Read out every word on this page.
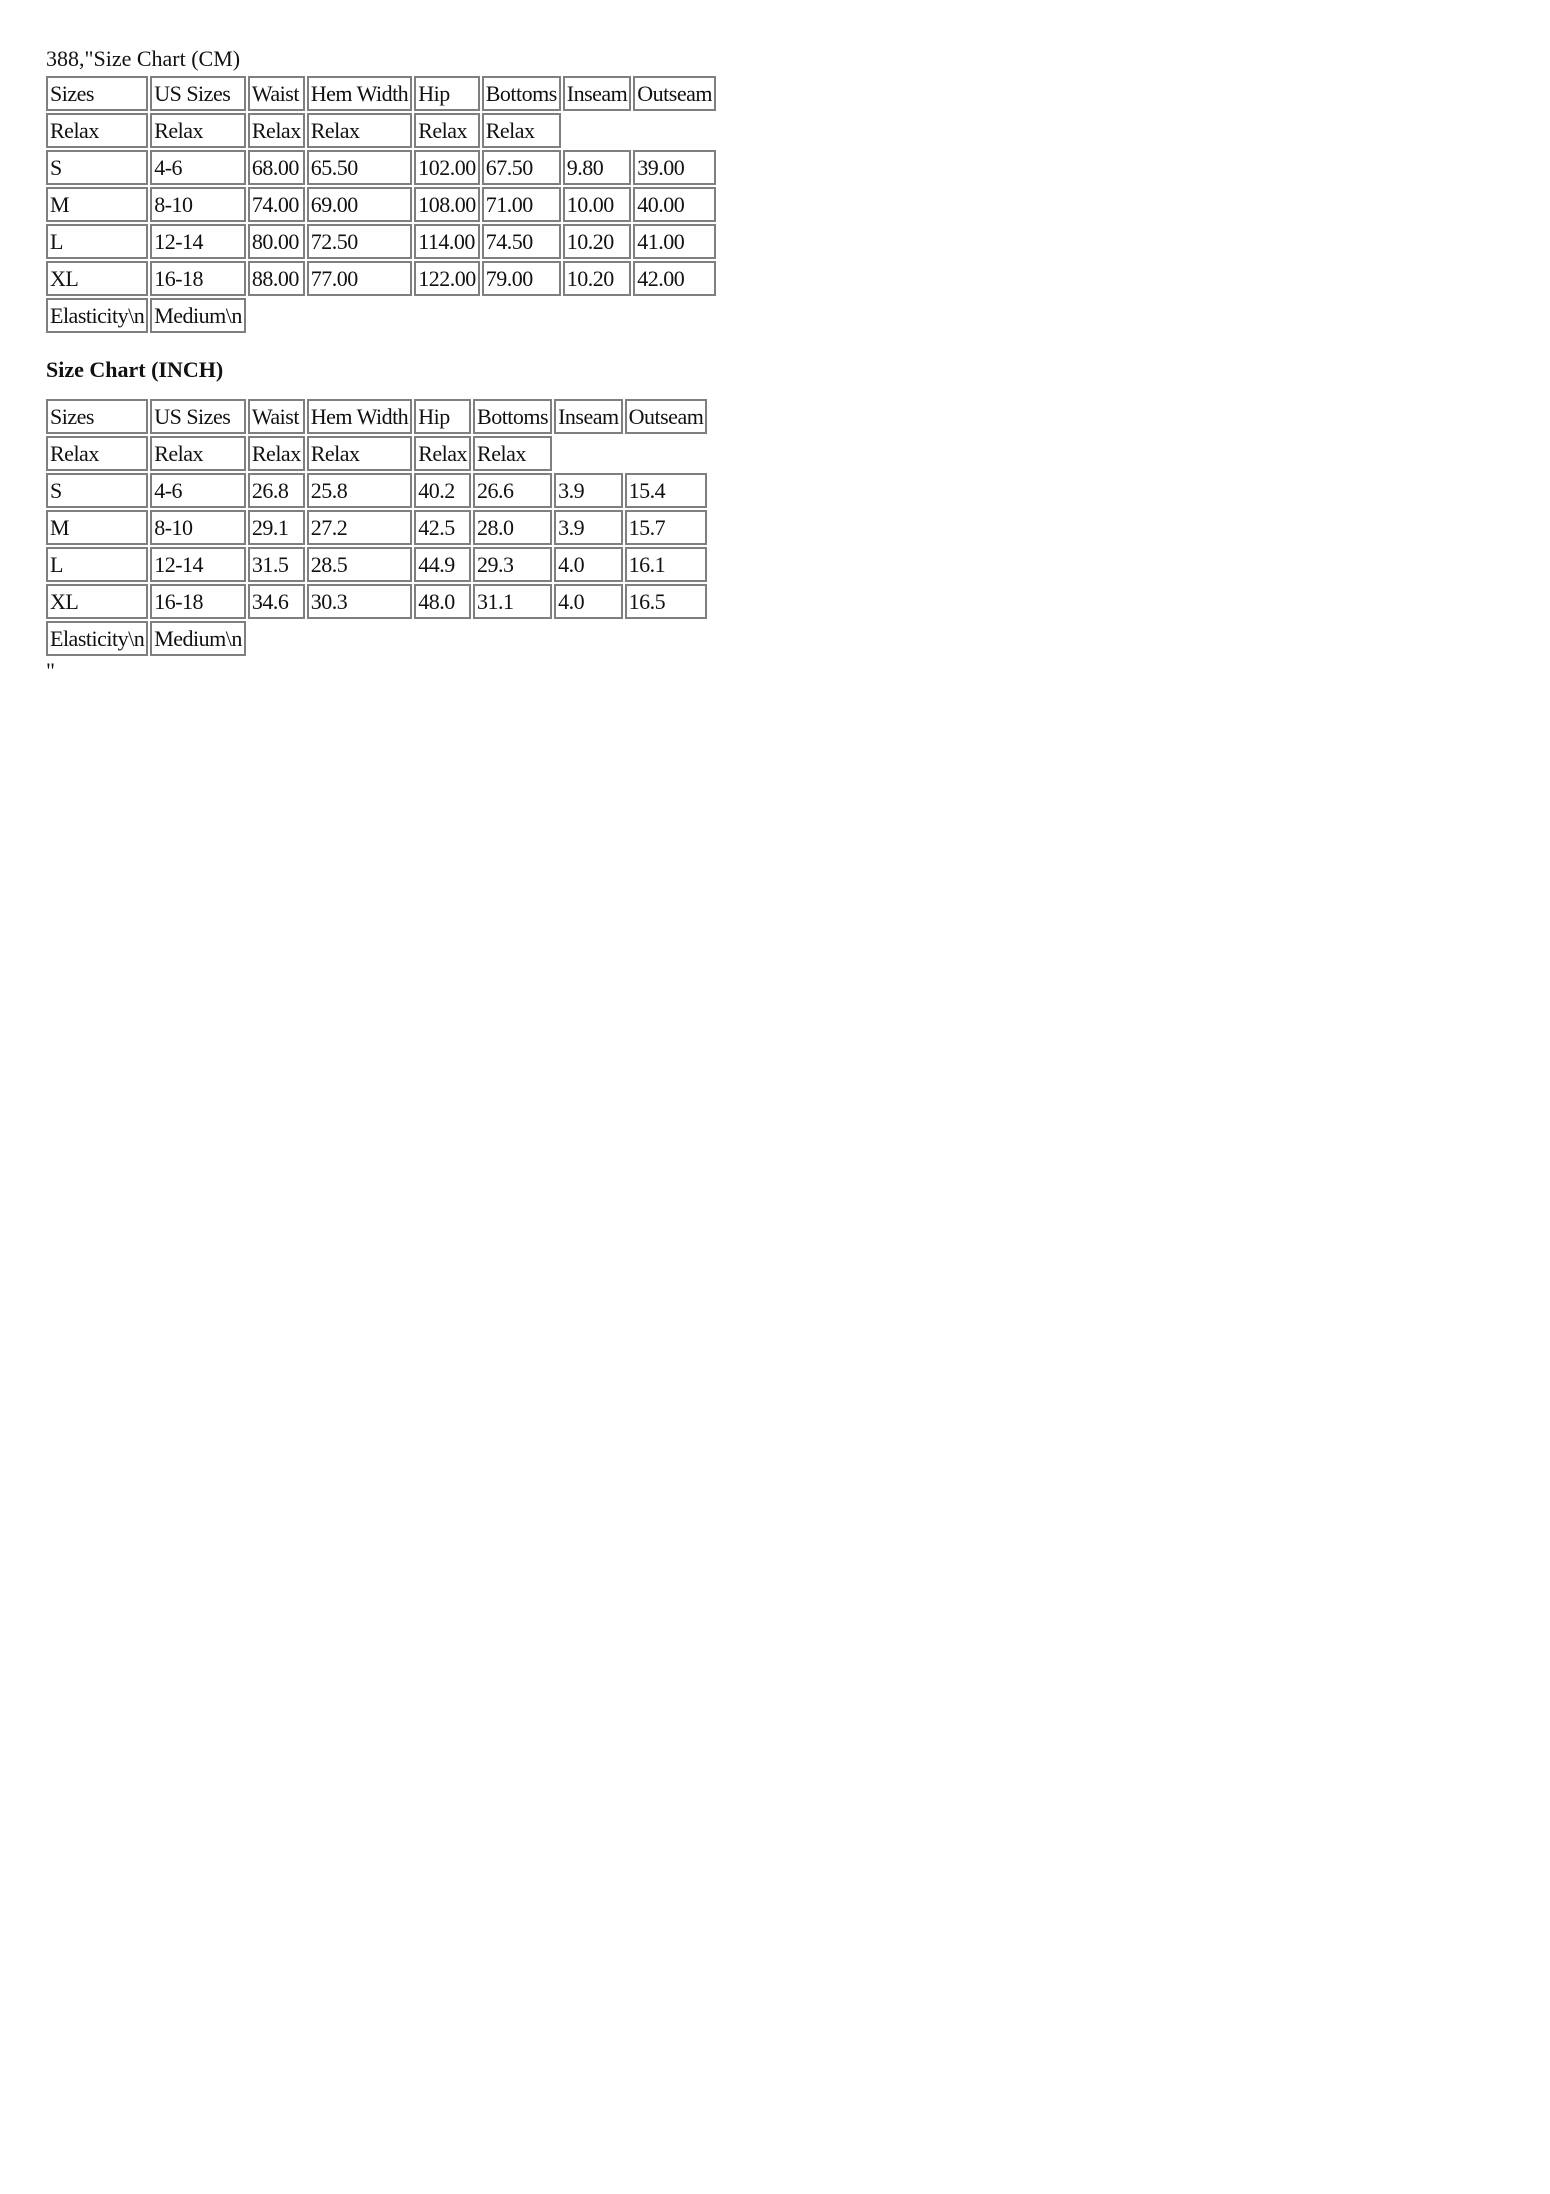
388,"Size Chart (CM)
Sizes	US Sizes	Waist	Hem Width	Hip	Bottoms	Inseam	Outseam
Relax	Relax	Relax	Relax	Relax	Relax		
S	4-6	68.00	65.50	102.00	67.50	9.80	39.00
M	8-10	74.00	69.00	108.00	71.00	10.00	40.00
L	12-14	80.00	72.50	114.00	74.50	10.20	41.00
XL	16-18	88.00	77.00	122.00	79.00	10.20	42.00
Elasticity\n	Medium\n						
Size Chart (INCH)
Sizes	US Sizes	Waist	Hem Width	Hip	Bottoms	Inseam	Outseam
Relax	Relax	Relax	Relax	Relax	Relax		
S	4-6	26.8	25.8	40.2	26.6	3.9	15.4
M	8-10	29.1	27.2	42.5	28.0	3.9	15.7
L	12-14	31.5	28.5	44.9	29.3	4.0	16.1
XL	16-18	34.6	30.3	48.0	31.1	4.0	16.5
Elasticity\n	Medium\n						
"
